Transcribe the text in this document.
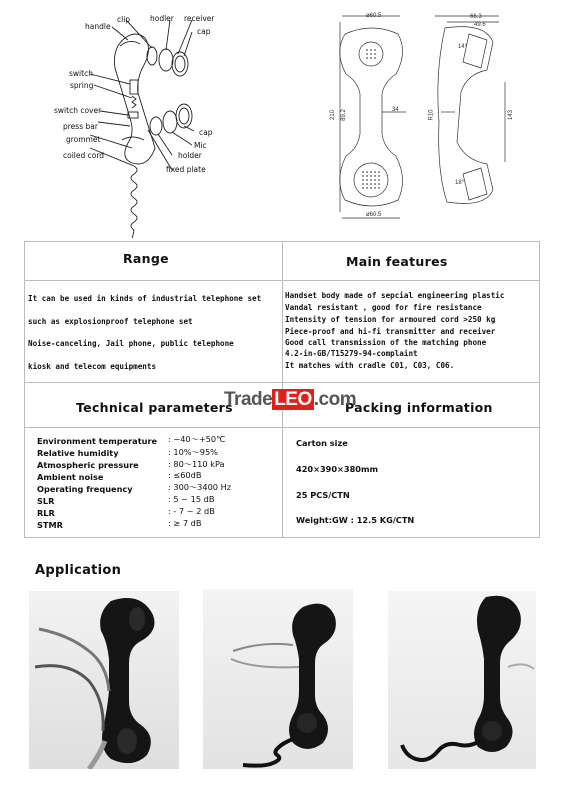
handle
clip	hodler receiver
cap
switch
spring
switch cover
press bar
grommet
coiled cord
cap
Mic
holder
fixed plate
ø60.5
210 89.2	34
ø60.5
66.3
49.6
14°
R10	143
18°
Range	Main features
It can be used in kinds of industrial telephone set
such as explosionproof telephone set
Noise-canceling, Jail phone, public telephone
kiosk and telecom equipments
Handset body made of sepcial engineering plastic
Vandal resistant , good for fire resistance
Intensity of tension for armoured cord >250 kg
Piece-proof and hi-fi transmitter and receiver
Good call transmission of the matching phone
4.2-in-GB/T15279-94-complaint
It matches with cradle C01, C03, C06.
Technical parameters	Packing information
Trade LEO .com
Environment temperature : −40～+50℃
Relative humidity	: 10%～95%
Atmospheric pressure	: 80～110 kPa
Ambient noise	: ≤60dB
Operating frequency	: 300～3400 Hz
SLR	: 5 ~ 15 dB
RLR	: - 7 ~ 2 dB
STMR	: ≥ 7 dB
Carton size
420×390×380mm
25 PCS/CTN
Weight:GW : 12.5 KG/CTN
Application
